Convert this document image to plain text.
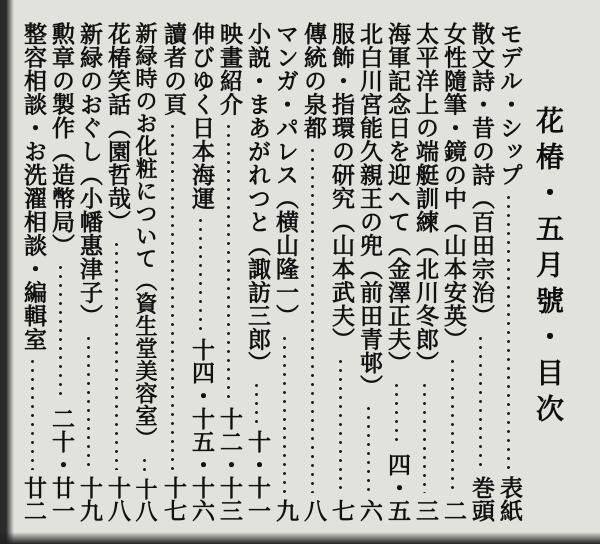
花椿・五月號・目次
モデル・シップ
表紙
散文詩・昔の詩（百田宗治）
巻頭
女性隨筆・鏡の中（山本安英）
二
太平洋上の端艇訓練（北川冬郎）
三
海軍記念日を迎へて（金澤正夫）
四・五
北白川宮能久親王の兜（前田青邨）
六
服飾・指環の研究（山本武夫）
七
傳統の泉都
八
マンガ・パレス（横山隆一）
九
小説・まあがれつと（諏訪三郎）
十・十一
映畫紹介
十二・十三
伸びゆく日本海運
十四・十五・十六
讀者の頁
十七
新緑時のお化粧について（資生堂美容室）
十八
花椿笑話（園哲哉）
十八
新緑のおぐし（小幡惠津子）
十九
勲章の製作（造幣局）
二十・廿一
整容相談・お洗濯相談・編輯室
廿二
